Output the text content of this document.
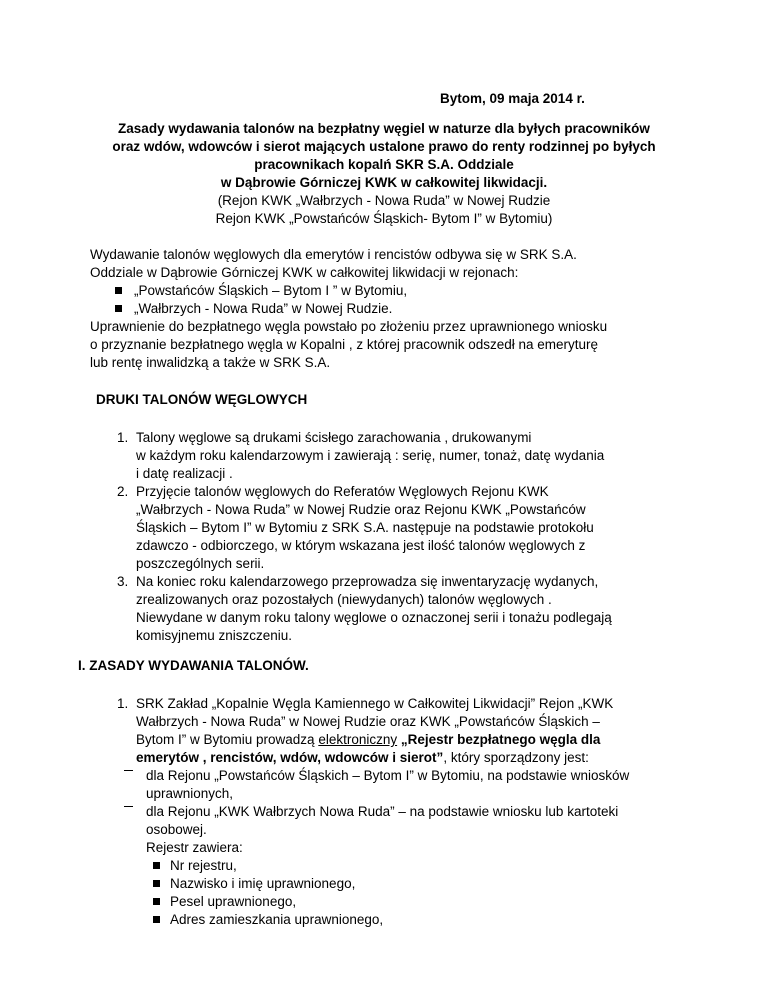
Bytom, 09 maja 2014 r.
Zasady wydawania talonów na bezpłatny węgiel w naturze dla byłych pracowników
oraz wdów, wdowców i sierot mających ustalone prawo do renty rodzinnej po byłych
pracownikach kopalń SKR S.A. Oddziale
w Dąbrowie Górniczej KWK w całkowitej likwidacji.
(Rejon KWK „Wałbrzych - Nowa Ruda” w Nowej Rudzie
Rejon KWK „Powstańców Śląskich- Bytom I” w Bytomiu)
Wydawanie talonów węglowych dla emerytów i rencistów odbywa się w SRK S.A.
Oddziale w Dąbrowie Górniczej KWK w całkowitej likwidacji w rejonach:
„Powstańców Śląskich – Bytom I ” w Bytomiu,
„Wałbrzych - Nowa Ruda” w Nowej Rudzie.
Uprawnienie do bezpłatnego węgla powstało po złożeniu przez uprawnionego wniosku
o przyznanie bezpłatnego węgla w Kopalni , z której pracownik odszedł na emeryturę
lub rentę inwalidzką a także w SRK S.A.
DRUKI TALONÓW WĘGLOWYCH
1. Talony węglowe są drukami ścisłego zarachowania , drukowanymi
w każdym roku kalendarzowym i zawierają : serię, numer, tonaż, datę wydania
i datę realizacji .
2. Przyjęcie talonów węglowych do Referatów Węglowych Rejonu KWK
„Wałbrzych - Nowa Ruda” w Nowej Rudzie oraz Rejonu KWK „Powstańców
Śląskich – Bytom I” w Bytomiu z SRK S.A. następuje na podstawie protokołu
zdawczo - odbiorczego, w którym wskazana jest ilość talonów węglowych z
poszczególnych serii.
3. Na koniec roku kalendarzowego przeprowadza się inwentaryzację wydanych,
zrealizowanych oraz pozostałych (niewydanych) talonów węglowych .
Niewydane w danym roku talony węglowe o oznaczonej serii i tonażu podlegają
komisyjnemu zniszczeniu.
I. ZASADY WYDAWANIA TALONÓW.
1. SRK Zakład „Kopalnie Węgla Kamiennego w Całkowitej Likwidacji” Rejon „KWK
Wałbrzych - Nowa Ruda” w Nowej Rudzie oraz KWK „Powstańców Śląskich –
Bytom I” w Bytomiu prowadzą elektroniczny „Rejestr bezpłatnego węgla dla
emerytów , rencistów, wdów, wdowców i sierot”, który sporządzony jest:
dla Rejonu „Powstańców Śląskich – Bytom I” w Bytomiu, na podstawie wniosków
uprawnionych,
dla Rejonu „KWK Wałbrzych Nowa Ruda” – na podstawie wniosku lub kartoteki
osobowej.
Rejestr zawiera:
Nr rejestru,
Nazwisko i imię uprawnionego,
Pesel uprawnionego,
Adres zamieszkania uprawnionego,
